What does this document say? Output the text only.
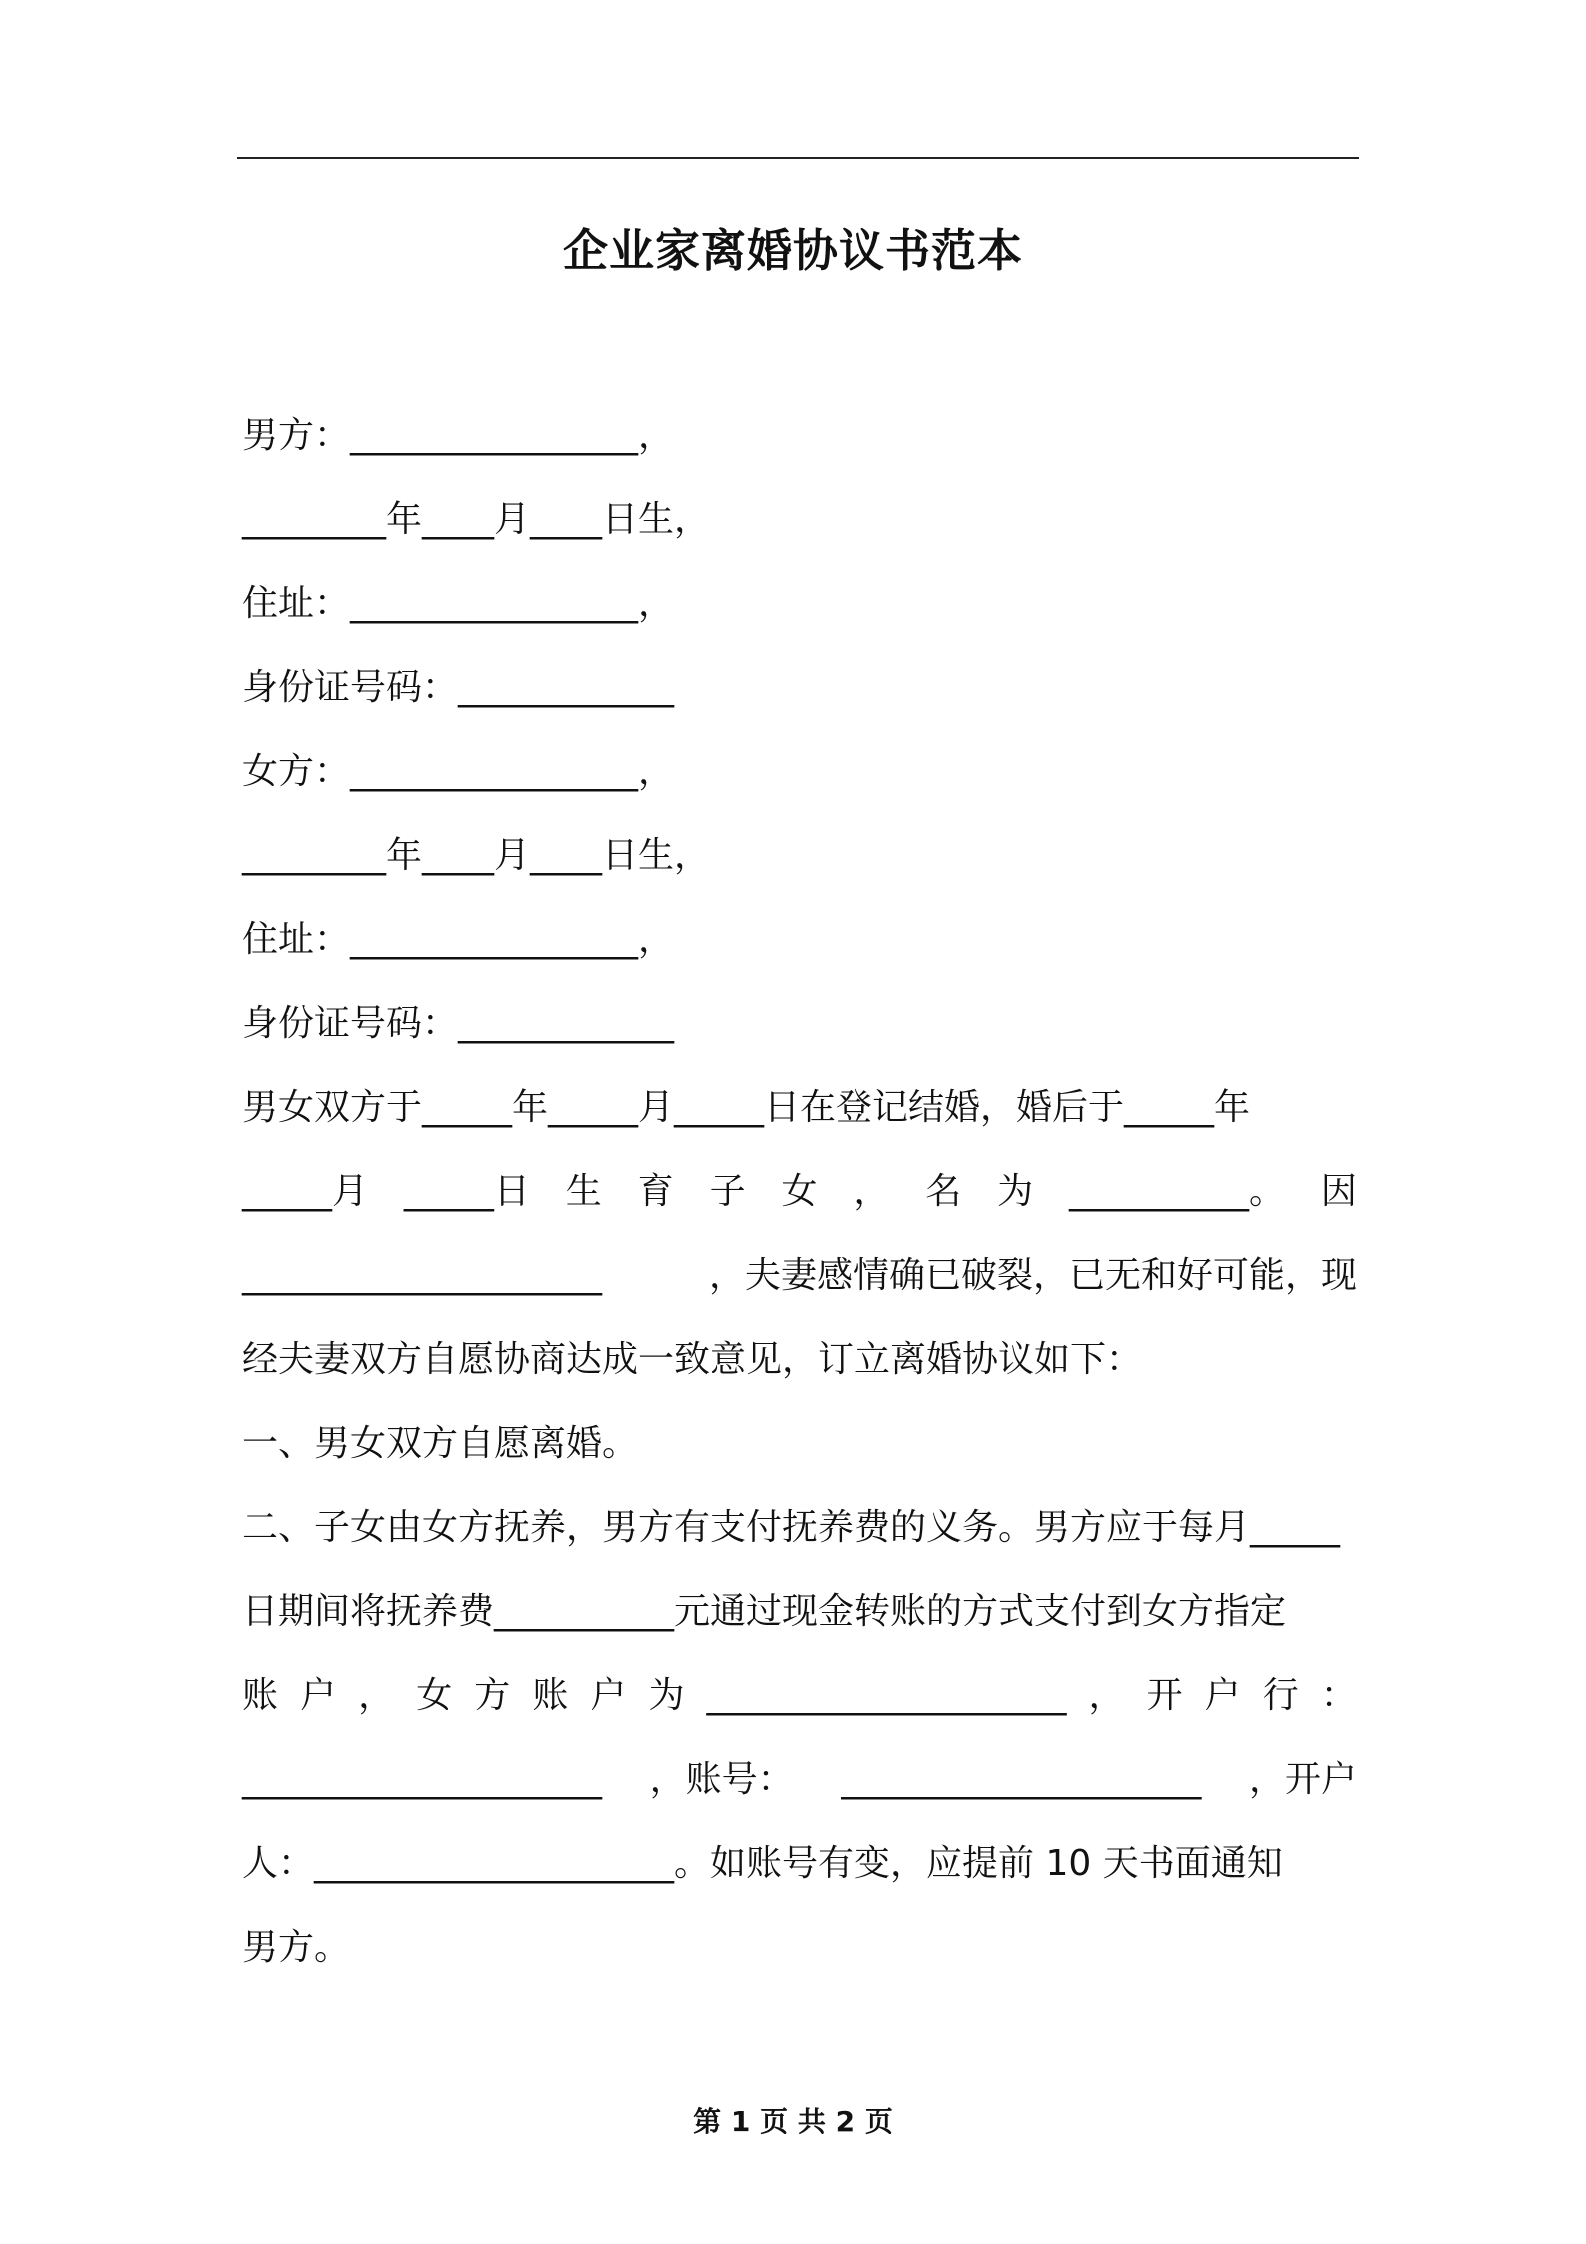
企业家离婚协议书范本
男方：________________，
________年____月____日生，
住址：________________，
身份证号码：____________
女方：________________，
________年____月____日生，
住址：________________，
身份证号码：____________
男女双方于_____年_____月_____日在登记结婚，婚后于_____年
_____月 _____日 生 育 子 女 ， 名 为 __________。 因
____________________	，夫妻感情确已破裂，已无和好可能，现
经夫妻双方自愿协商达成一致意见，订立离婚协议如下：
一、男女双方自愿离婚。
二、子女由女方抚养，男方有支付抚养费的义务。男方应于每月_____
日期间将抚养费__________元通过现金转账的方式支付到女方指定
账 户 ， 女 方 账 户 为 ____________________ ， 开 户 行 ：
____________________ ，账号： ____________________ ，开户
人：____________________。如账号有变，应提前 10 天书面通知
男方。
第 1 页 共 2 页
